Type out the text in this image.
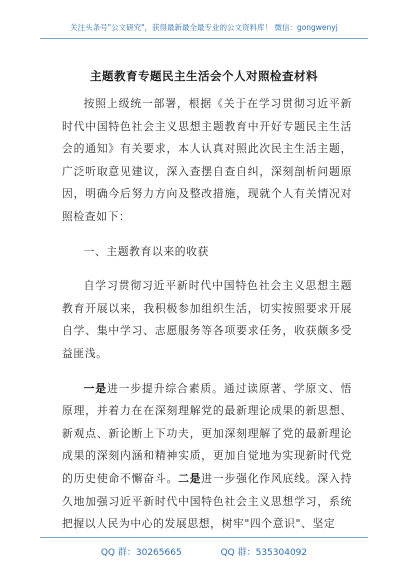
关注头条号"公文研究"，获得最新最全最专业的公文资料库！ 微信：gongwenyj
主题教育专题民主生活会个人对照检查材料

按照上级统一部署，根据《关于在学习贯彻习近平新时代中国特色社会主义思想主题教育中开好专题民主生活会的通知》有关要求，本人认真对照此次民主生活主题，广泛听取意见建议，深入查摆自查自纠，深刻剖析问题原因，明确今后努力方向及整改措施，现就个人有关情况对照检查如下：

一、主题教育以来的收获

自学习贯彻习近平新时代中国特色社会主义思想主题教育开展以来，我积极参加组织生活，切实按照要求开展自学、集中学习、志愿服务等各项要求任务，收获颇多受益匪浅。

一是进一步提升综合素质。通过读原著、学原文、悟原理，并着力在在深刻理解党的最新理论成果的新思想、新观点、新论断上下功夫，更加深刻理解了党的最新理论成果的深刻内涵和精神实质，更加自觉地为实现新时代党的历史使命不懈奋斗。二是进一步强化作风底线。深入持久地加强习近平新时代中国特色社会主义思想学习，系统把握以人民为中心的发展思想，树牢"四个意识"、坚定

QQ 群：30265665	QQ 群：535304092
